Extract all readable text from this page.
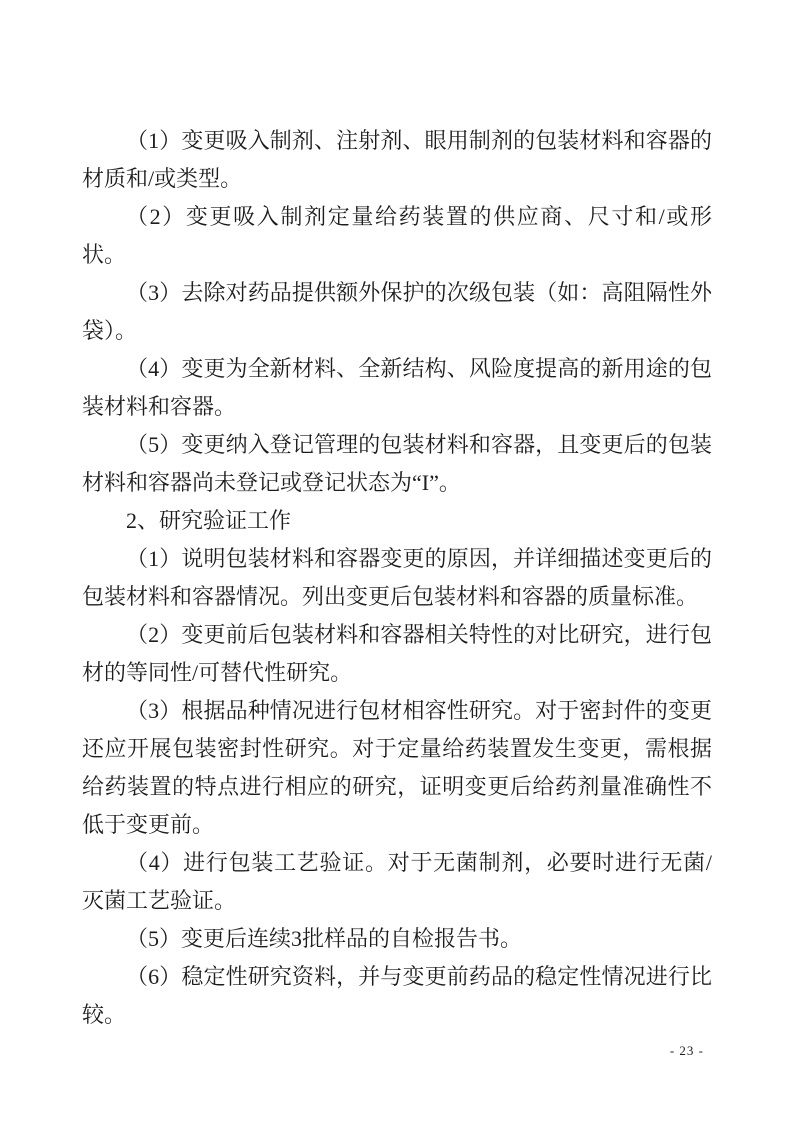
（1）变更吸入制剂、注射剂、眼用制剂的包装材料和容器的材质和/或类型。

（2）变更吸入制剂定量给药装置的供应商、尺寸和/或形状。

（3）去除对药品提供额外保护的次级包装（如：高阻隔性外袋）。

（4）变更为全新材料、全新结构、风险度提高的新用途的包装材料和容器。

（5）变更纳入登记管理的包装材料和容器，且变更后的包装材料和容器尚未登记或登记状态为“I”。

2、研究验证工作

（1）说明包装材料和容器变更的原因，并详细描述变更后的包装材料和容器情况。列出变更后包装材料和容器的质量标准。

（2）变更前后包装材料和容器相关特性的对比研究，进行包材的等同性/可替代性研究。

（3）根据品种情况进行包材相容性研究。对于密封件的变更还应开展包装密封性研究。对于定量给药装置发生变更，需根据给药装置的特点进行相应的研究，证明变更后给药剂量准确性不低于变更前。

（4）进行包装工艺验证。对于无菌制剂，必要时进行无菌/灭菌工艺验证。

（5）变更后连续3批样品的自检报告书。

（6）稳定性研究资料，并与变更前药品的稳定性情况进行比较。

- 23 -
